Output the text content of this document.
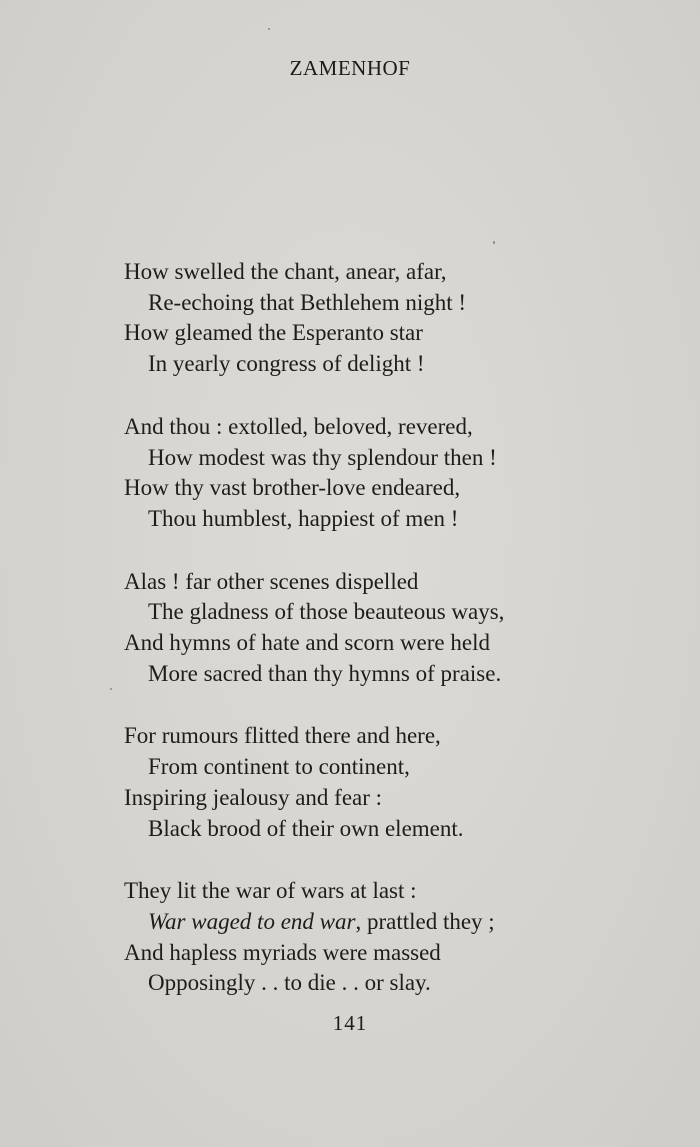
ZAMENHOF
How swelled the chant, anear, afar,
Re-echoing that Bethlehem night !
How gleamed the Esperanto star
In yearly congress of delight !
And thou : extolled, beloved, revered,
How modest was thy splendour then !
How thy vast brother-love endeared,
Thou humblest, happiest of men !
Alas ! far other scenes dispelled
The gladness of those beauteous ways,
And hymns of hate and scorn were held
More sacred than thy hymns of praise.
For rumours flitted there and here,
From continent to continent,
Inspiring jealousy and fear :
Black brood of their own element.
They lit the war of wars at last :
War waged to end war, prattled they ;
And hapless myriads were massed
Opposingly . . to die . . or slay.
141
